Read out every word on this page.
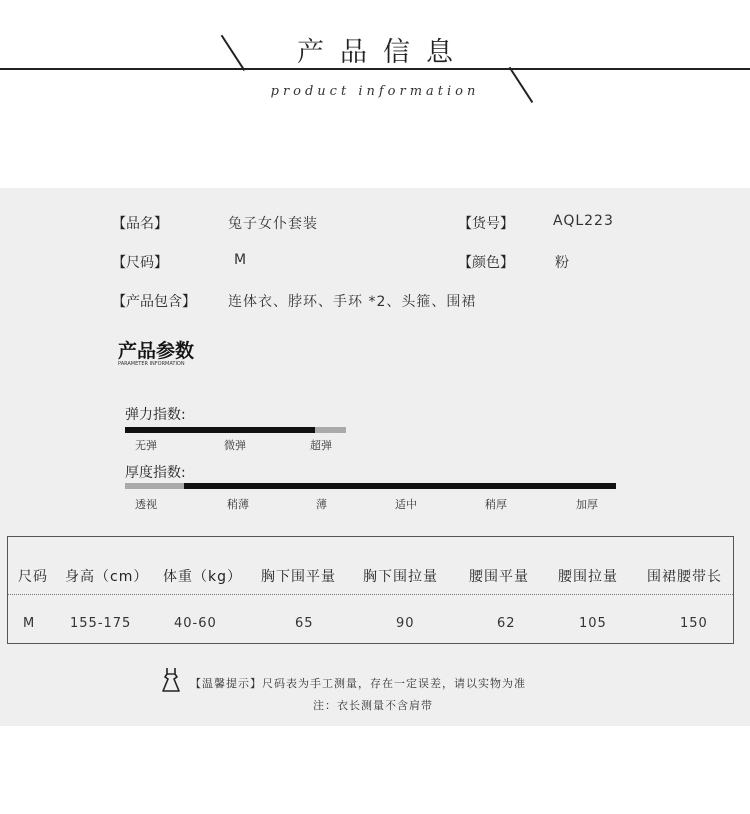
产品信息
product information
【品名】	兔子女仆套装	【货号】	AQL223
【尺码】	M	【颜色】	粉
【产品包含】 连体衣、脖环、手环 *2、头箍、围裙
产品参数
PARAMETER INFORMATION
弹力指数:
无弹	微弹	超弹
厚度指数:
透视	稍薄	薄	适中	稍厚	加厚
尺码 身高（cm） 体重（kg） 胸下围平量 胸下围拉量 腰围平量 腰围拉量 围裙腰带长
M	155-175	40-60	65	90	62	105	150
【温馨提示】尺码表为手工测量，存在一定误差，请以实物为准
注：衣长测量不含肩带
